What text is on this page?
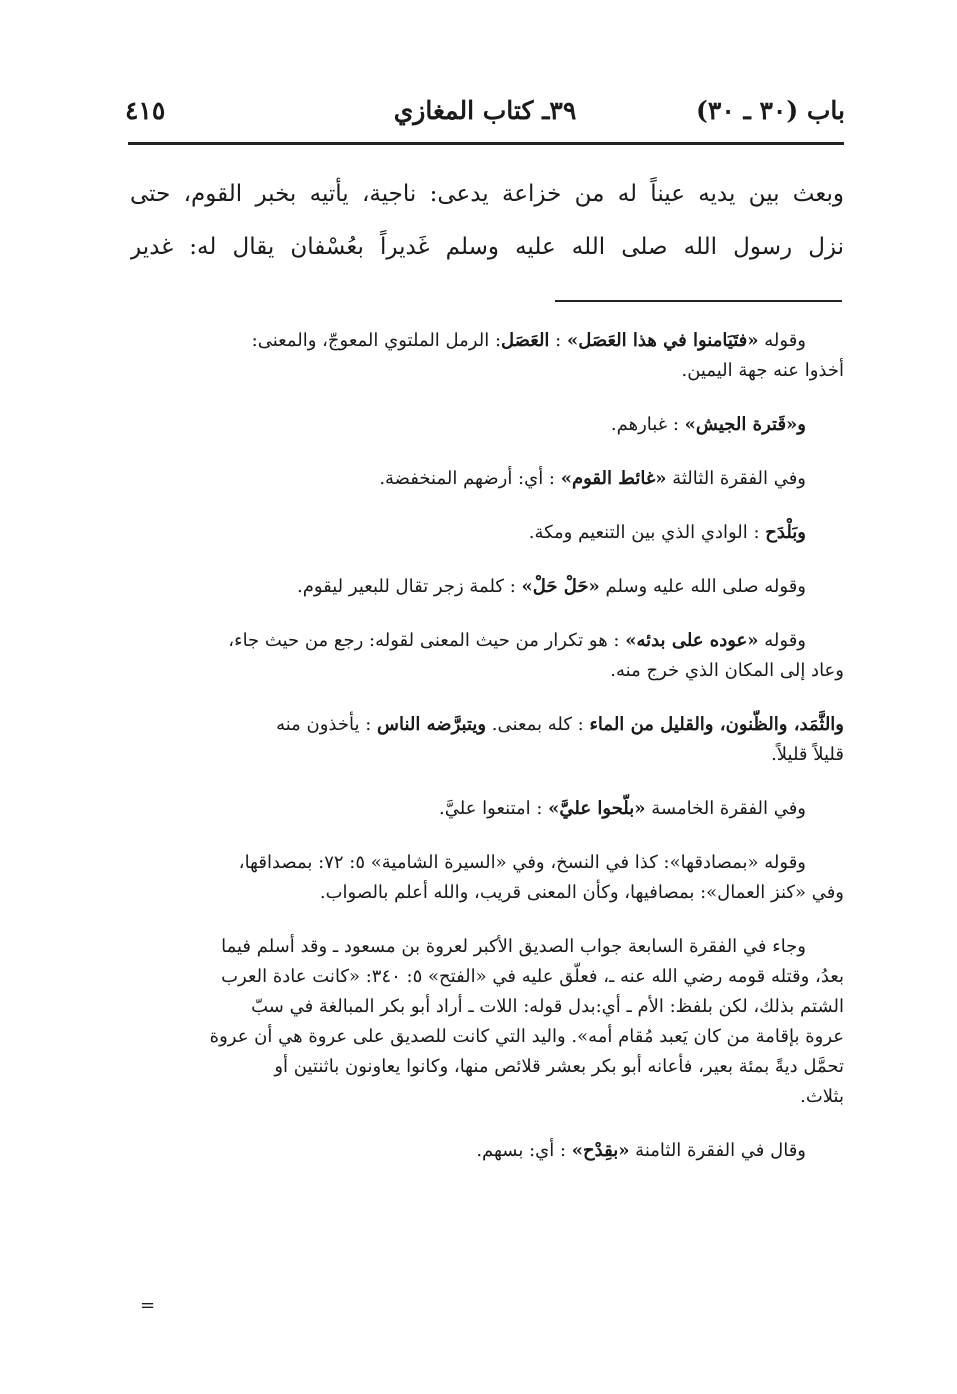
باب (٣٠ ـ ٣٠)
٣٩ـ كتاب المغازي
٤١٥
وبعث بين يديه عيناً له من خزاعة يدعى: ناجية، يأتيه بخبر القوم، حتى
نزل رسول الله صلى الله عليه وسلم غَديراً بعُسْفان يقال له: غدير
وقوله «فتَيَامنوا في هذا العَصَل» : العَصَل: الرمل الملتوي المعوجّ، والمعنى:
أخذوا عنه جهة اليمين.
و«قَترة الجيش» : غبارهم.
وفي الفقرة الثالثة «غائط القوم» : أي: أرضهم المنخفضة.
وبَلْدَح : الوادي الذي بين التنعيم ومكة.
وقوله صلى الله عليه وسلم «حَلْ حَلْ» : كلمة زجر تقال للبعير ليقوم.
وقوله «عوده على بدئه» : هو تكرار من حيث المعنى لقوله: رجع من حيث جاء،
وعاد إلى المكان الذي خرج منه.
والثَّمَد، والظَّنون، والقليل من الماء : كله بمعنى. ويتبرَّضه الناس : يأخذون منه
قليلاً قليلاً.
وفي الفقرة الخامسة «بلَّحوا عليَّ» : امتنعوا عليَّ.
وقوله «بمصادقها»: كذا في النسخ، وفي «السيرة الشامية» ٥: ٧٢: بمصداقها،
وفي «كنز العمال»: بمصافيها، وكأن المعنى قريب، والله أعلم بالصواب.
وجاء في الفقرة السابعة جواب الصديق الأكبر لعروة بن مسعود ـ وقد أسلم فيما
بعدُ، وقتله قومه رضي الله عنه ـ، فعلّق عليه في «الفتح» ٥: ٣٤٠: «كانت عادة العرب
الشتم بذلك، لكن بلفظ: الأم ـ أي:بدل قوله: اللات ـ أراد أبو بكر المبالغة في سبّ
عروة بإقامة من كان يَعبد مُقام أمه». واليد التي كانت للصديق على عروة هي أن عروة
تحمَّل ديةً بمئة بعير، فأعانه أبو بكر بعشر قلائص منها، وكانوا يعاونون باثنتين أو
بثلاث.
وقال في الفقرة الثامنة «بقِدْح» : أي: بسهم.
=
